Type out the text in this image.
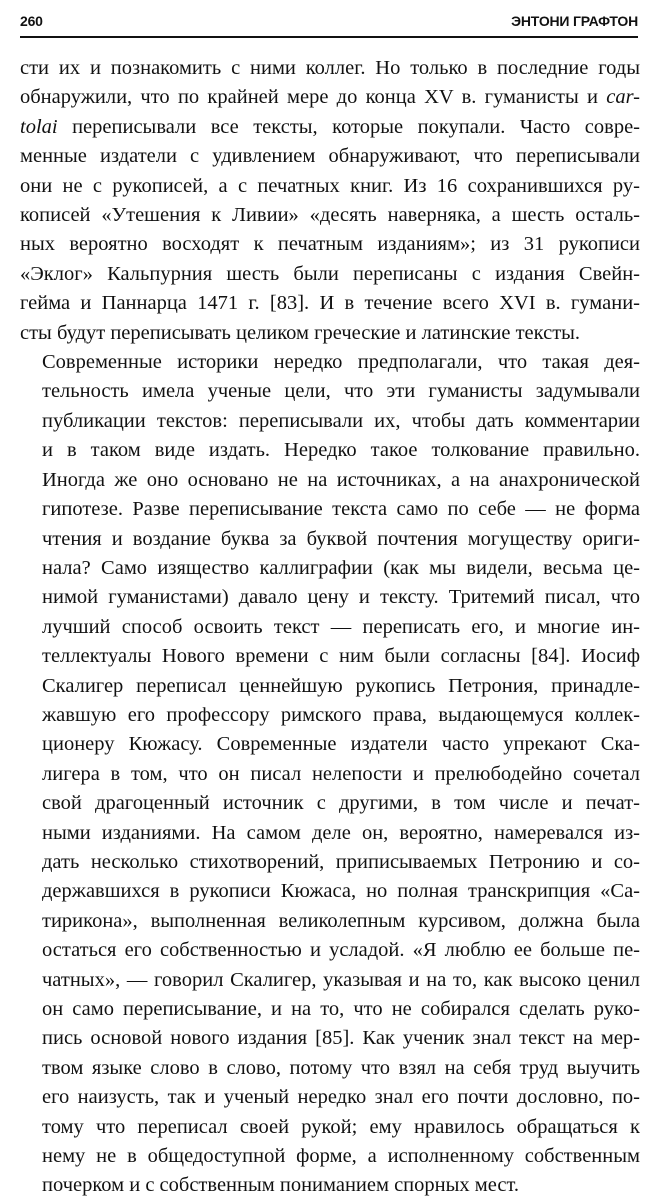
260	ЭНТОНИ ГРАФТОН

сти их и познакомить с ними коллег. Но только в последние годы
обнаружили, что по крайней мере до конца XV в. гуманисты и car-
tolai переписывали все тексты, которые покупали. Часто совре-
менные издатели с удивлением обнаруживают, что переписывали
они не с рукописей, а с печатных книг. Из 16 сохранившихся ру-
кописей «Утешения к Ливии» «десять наверняка, а шесть осталь-
ных вероятно восходят к печатным изданиям»; из 31 рукописи
«Эклог» Кальпурния шесть были переписаны с издания Свейн-
гейма и Паннарца 1471 г. [83]. И в течение всего XVI в. гумани-
сты будут переписывать целиком греческие и латинские тексты.

Современные историки нередко предполагали, что такая дея-
тельность имела ученые цели, что эти гуманисты задумывали
публикации текстов: переписывали их, чтобы дать комментарии
и в таком виде издать. Нередко такое толкование правильно.
Иногда же оно основано не на источниках, а на анахронической
гипотезе. Разве переписывание текста само по себе — не форма
чтения и воздание буква за буквой почтения могуществу ориги-
нала? Само изящество каллиграфии (как мы видели, весьма це-
нимой гуманистами) давало цену и тексту. Тритемий писал, что
лучший способ освоить текст — переписать его, и многие ин-
теллектуалы Нового времени с ним были согласны [84]. Иосиф
Скалигер переписал ценнейшую рукопись Петрония, принадле-
жавшую его профессору римского права, выдающемуся коллек-
ционеру Кюжасу. Современные издатели часто упрекают Ска-
лигера в том, что он писал нелепости и прелюбодейно сочетал
свой драгоценный источник с другими, в том числе и печат-
ными изданиями. На самом деле он, вероятно, намеревался из-
дать несколько стихотворений, приписываемых Петронию и со-
державшихся в рукописи Кюжаса, но полная транскрипция «Са-
тирикона», выполненная великолепным курсивом, должна была
остаться его собственностью и усладой. «Я люблю ее больше пе-
чатных», — говорил Скалигер, указывая и на то, как высоко ценил
он само переписывание, и на то, что не собирался сделать руко-
пись основой нового издания [85]. Как ученик знал текст на мер-
твом языке слово в слово, потому что взял на себя труд выучить
его наизусть, так и ученый нередко знал его почти дословно, по-
тому что переписал своей рукой; ему нравилось обращаться к
нему не в общедоступной форме, а исполненному собственным
почерком и с собственным пониманием спорных мест.
